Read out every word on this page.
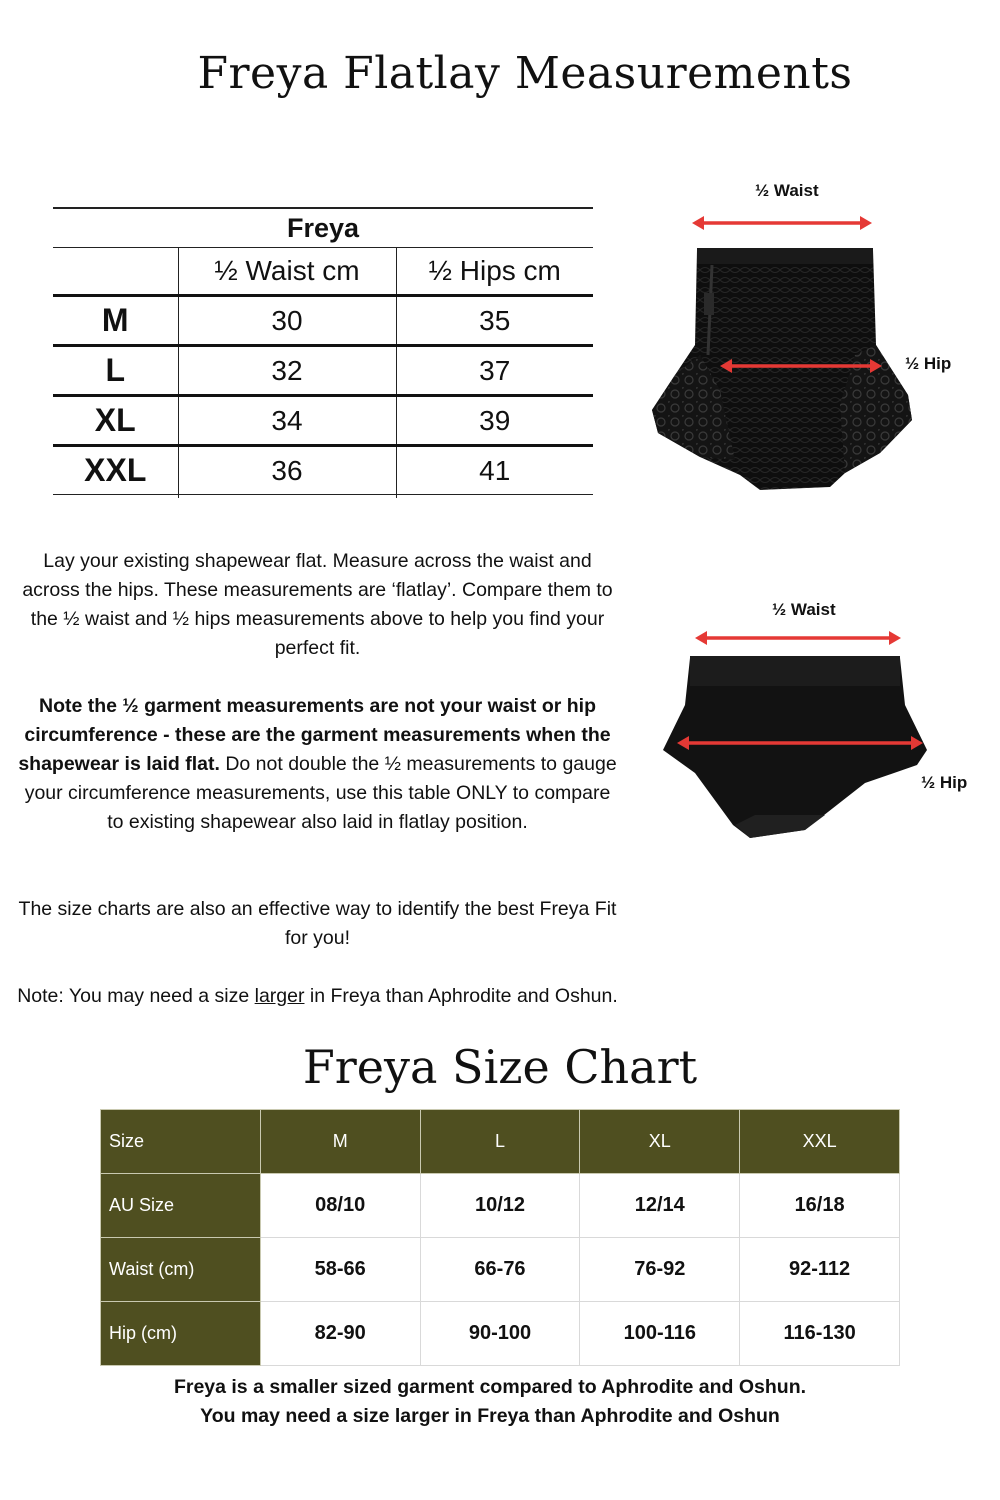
Freya Flatlay Measurements
Freya		
	½ Waist cm	½ Hips cm
M	30	35
L	32	37
XL	34	39
XXL	36	41

½ Waist
½ Hip
½ Waist
½ Hip

Lay your existing shapewear flat. Measure across the waist and across the hips. These measurements are ‘flatlay’. Compare them to the ½ waist and ½ hips measurements above to help you find your perfect fit.

Note the ½ garment measurements are not your waist or hip circumference - these are the garment measurements when the shapewear is laid flat. Do not double the ½ measurements to gauge your circumference measurements, use this table ONLY to compare to existing shapewear also laid in flatlay position.

The size charts are also an effective way to identify the best Freya Fit for you!

Note: You may need a size larger in Freya than Aphrodite and Oshun.

Freya Size Chart
Size	M	L	XL	XXL
AU Size	08/10	10/12	12/14	16/18
Waist (cm)	58-66	66-76	76-92	92-112
Hip (cm)	82-90	90-100	100-116	116-130

Freya is a smaller sized garment compared to Aphrodite and Oshun.
You may need a size larger in Freya than Aphrodite and Oshun
